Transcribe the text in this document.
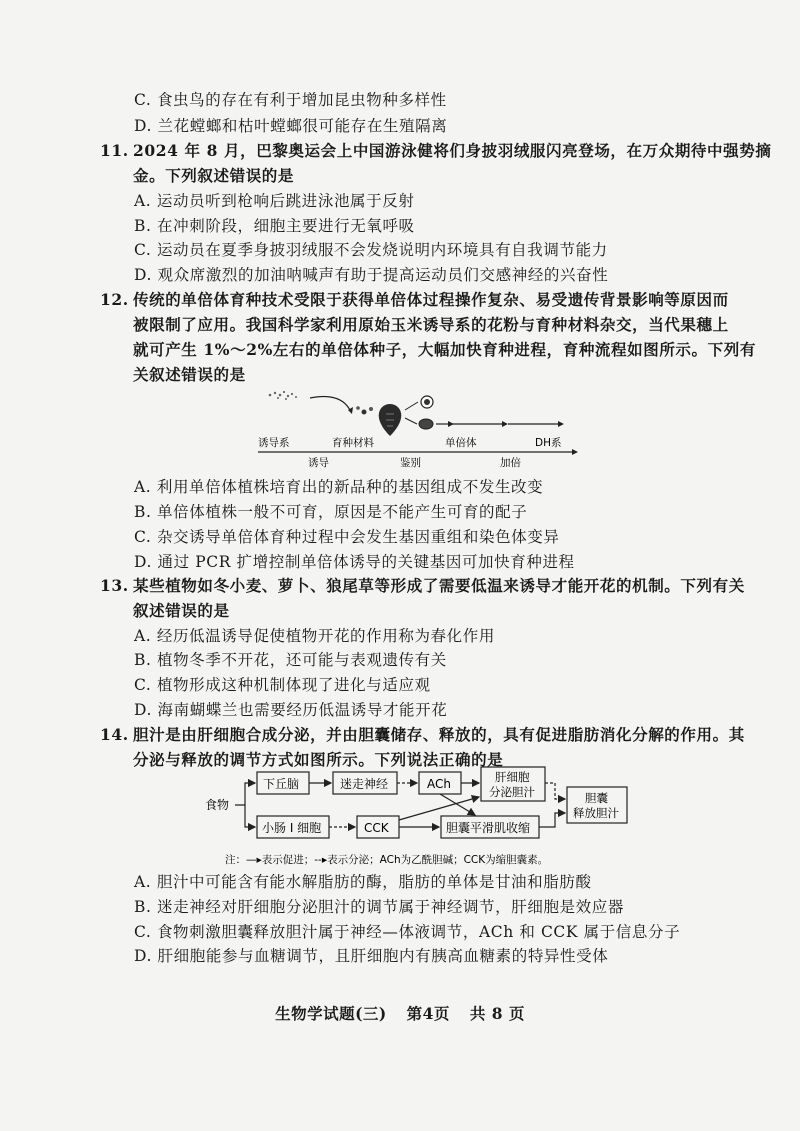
C. 食虫鸟的存在有利于增加昆虫物种多样性
D. 兰花螳螂和枯叶螳螂很可能存在生殖隔离
11. 2024 年 8 月，巴黎奥运会上中国游泳健将们身披羽绒服闪亮登场，在万众期待中强势摘
金。下列叙述错误的是
A. 运动员听到枪响后跳进泳池属于反射
B. 在冲刺阶段，细胞主要进行无氧呼吸
C. 运动员在夏季身披羽绒服不会发烧说明内环境具有自我调节能力
D. 观众席激烈的加油呐喊声有助于提高运动员们交感神经的兴奋性
12. 传统的单倍体育种技术受限于获得单倍体过程操作复杂、易受遗传背景影响等原因而
被限制了应用。我国科学家利用原始玉米诱导系的花粉与育种材料杂交，当代果穗上
就可产生 1%～2%左右的单倍体种子，大幅加快育种进程，育种流程如图所示。下列有
关叙述错误的是
诱导系	育种材料	单倍体	DH系
诱导	鉴别	加倍
A. 利用单倍体植株培育出的新品种的基因组成不发生改变
B. 单倍体植株一般不可育，原因是不能产生可育的配子
C. 杂交诱导单倍体育种过程中会发生基因重组和染色体变异
D. 通过 PCR 扩增控制单倍体诱导的关键基因可加快育种进程
13. 某些植物如冬小麦、萝卜、狼尾草等形成了需要低温来诱导才能开花的机制。下列有关
叙述错误的是
A. 经历低温诱导促使植物开花的作用称为春化作用
B. 植物冬季不开花，还可能与表观遗传有关
C. 植物形成这种机制体现了进化与适应观
D. 海南蝴蝶兰也需要经历低温诱导才能开花
14. 胆汁是由肝细胞合成分泌，并由胆囊储存、释放的，具有促进脂肪消化分解的作用。其
分泌与释放的调节方式如图所示。下列说法正确的是
食物
下丘脑	迷走神经	ACh	肝细胞
分泌胆汁
小肠 I 细胞	CCK	胆囊平滑肌收缩
胆囊
释放胆汁
注：—▸表示促进；--▸表示分泌；ACh为乙酰胆碱；CCK为缩胆囊素。
A. 胆汁中可能含有能水解脂肪的酶，脂肪的单体是甘油和脂肪酸
B. 迷走神经对肝细胞分泌胆汁的调节属于神经调节，肝细胞是效应器
C. 食物刺激胆囊释放胆汁属于神经—体液调节，ACh 和 CCK 属于信息分子
D. 肝细胞能参与血糖调节，且肝细胞内有胰高血糖素的特异性受体
生物学试题(三) 第4页 共 8 页
